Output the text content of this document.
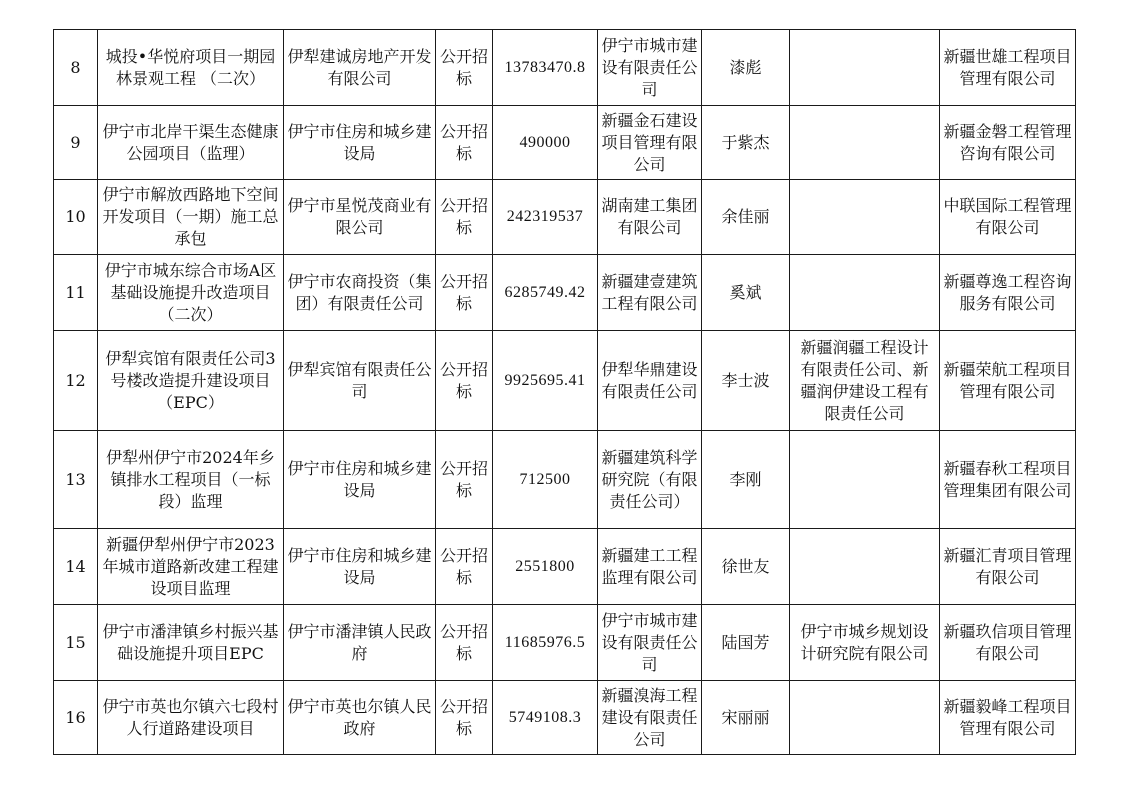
8	城投•华悦府项目一期园林景观工程 （二次）	伊犁建诚房地产开发有限公司	公开招标	13783470.8	伊宁市城市建设有限责任公司	漆彪		新疆世雄工程项目管理有限公司
9	伊宁市北岸干渠生态健康公园项目（监理）	伊宁市住房和城乡建设局	公开招标	490000	新疆金石建设项目管理有限公司	于紫杰		新疆金磐工程管理咨询有限公司
10	伊宁市解放西路地下空间开发项目（一期）施工总承包	伊宁市星悦茂商业有限公司	公开招标	242319537	湖南建工集团有限公司	余佳丽		中联国际工程管理有限公司
11	伊宁市城东综合市场A区基础设施提升改造项目（二次）	伊宁市农商投资（集团）有限责任公司	公开招标	6285749.42	新疆建壹建筑工程有限公司	奚斌		新疆尊逸工程咨询服务有限公司
12	伊犁宾馆有限责任公司3号楼改造提升建设项目（EPC）	伊犁宾馆有限责任公司	公开招标	9925695.41	伊犁华鼎建设有限责任公司	李士波	新疆润疆工程设计有限责任公司、新疆润伊建设工程有限责任公司	新疆荣航工程项目管理有限公司
13	伊犁州伊宁市2024年乡镇排水工程项目（一标段）监理	伊宁市住房和城乡建设局	公开招标	712500	新疆建筑科学研究院（有限责任公司）	李刚		新疆春秋工程项目管理集团有限公司
14	新疆伊犁州伊宁市2023年城市道路新改建工程建设项目监理	伊宁市住房和城乡建设局	公开招标	2551800	新疆建工工程监理有限公司	徐世友		新疆汇青项目管理有限公司
15	伊宁市潘津镇乡村振兴基础设施提升项目EPC	伊宁市潘津镇人民政府	公开招标	11685976.5	伊宁市城市建设有限责任公司	陆国芳	伊宁市城乡规划设计研究院有限公司	新疆玖信项目管理有限公司
16	伊宁市英也尔镇六七段村人行道路建设项目	伊宁市英也尔镇人民政府	公开招标	5749108.3	新疆溴海工程建设有限责任公司	宋丽丽		新疆毅峰工程项目管理有限公司
